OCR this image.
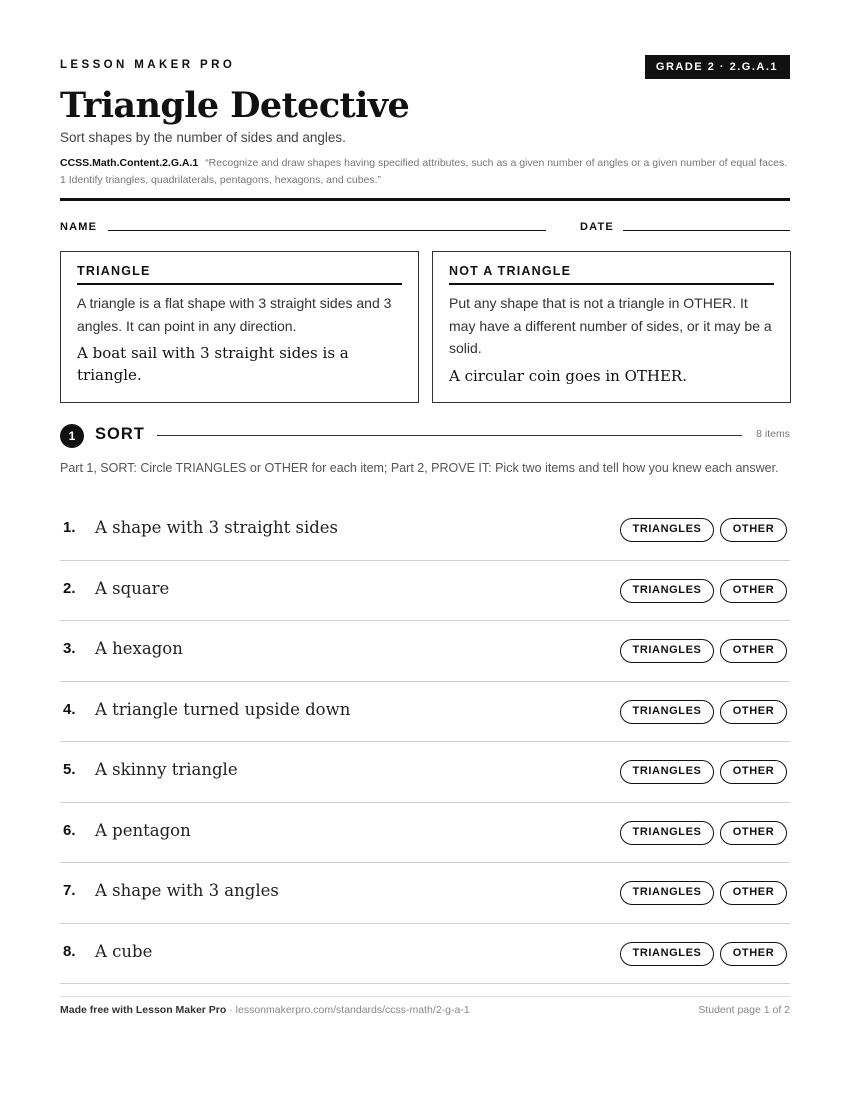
LESSON MAKER PRO	GRADE 2 · 2.G.A.1
Triangle Detective
Sort shapes by the number of sides and angles.
CCSS.Math.Content.2.G.A.1 “Recognize and draw shapes having specified attributes, such as a given number of angles or a given number of equal faces. 1 Identify triangles, quadrilaterals, pentagons, hexagons, and cubes.”
NAME	DATE
TRIANGLE
A triangle is a flat shape with 3 straight sides and 3 angles. It can point in any direction.
A boat sail with 3 straight sides is a triangle.
NOT A TRIANGLE
Put any shape that is not a triangle in OTHER. It may have a different number of sides, or it may be a solid.
A circular coin goes in OTHER.
1	SORT	8 items
Part 1, SORT: Circle TRIANGLES or OTHER for each item; Part 2, PROVE IT: Pick two items and tell how you knew each answer.
1. A shape with 3 straight sides	TRIANGLES	OTHER
2. A square	TRIANGLES	OTHER
3. A hexagon	TRIANGLES	OTHER
4. A triangle turned upside down	TRIANGLES	OTHER
5. A skinny triangle	TRIANGLES	OTHER
6. A pentagon	TRIANGLES	OTHER
7. A shape with 3 angles	TRIANGLES	OTHER
8. A cube	TRIANGLES	OTHER
Made free with Lesson Maker Pro · lessonmakerpro.com/standards/ccss-math/2-g-a-1	Student page 1 of 2
